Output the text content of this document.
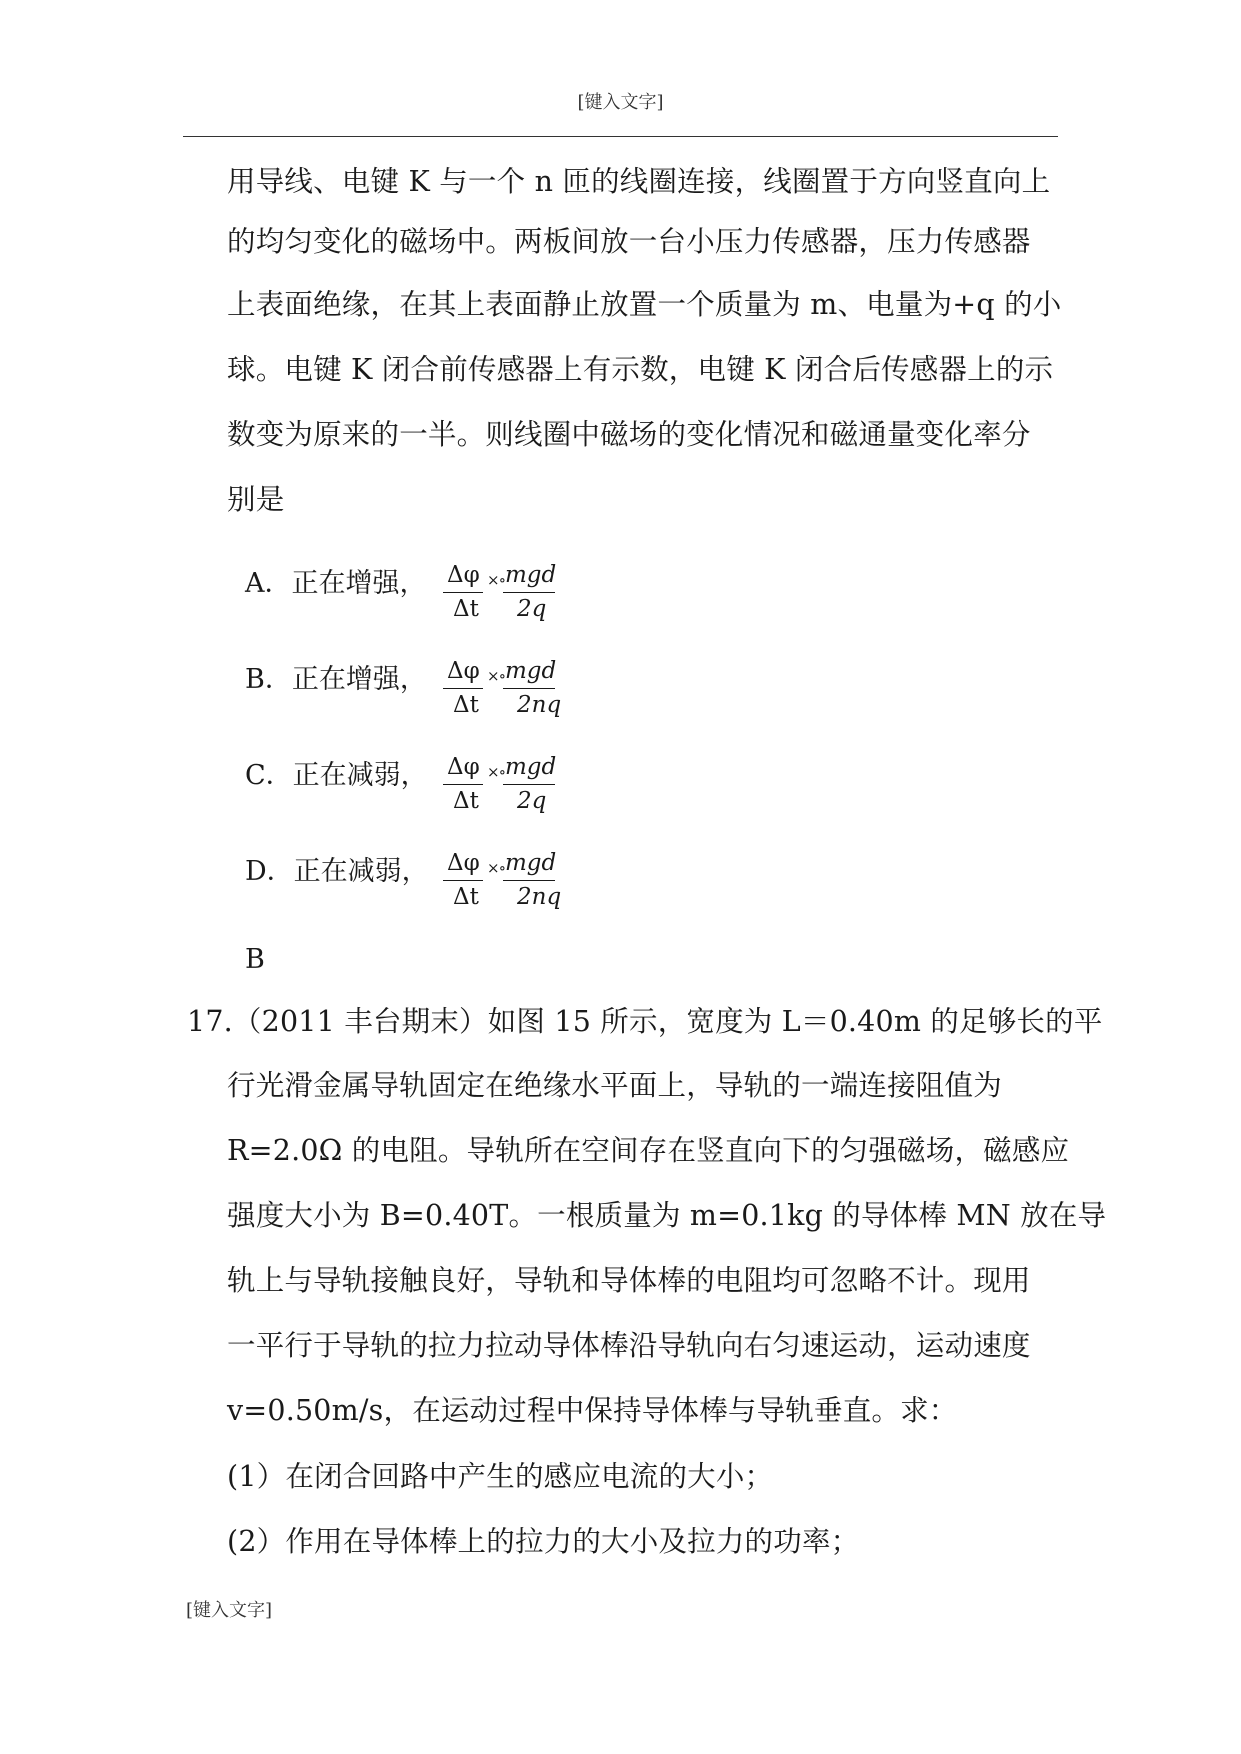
[键入文字]
用导线、电键 K 与一个 n 匝的线圈连接，线圈置于方向竖直向上
的均匀变化的磁场中。两板间放一台小压力传感器，压力传感器
上表面绝缘，在其上表面静止放置一个质量为 m、电量为+q 的小
球。电键 K 闭合前传感器上有示数，电键 K 闭合后传感器上的示
数变为原来的一半。则线圈中磁场的变化情况和磁通量变化率分
别是
A．正在增强， Δφ
Δt
×∘ mgd
2q
B．正在增强， Δφ
Δt
×∘ mgd
2nq
C．正在减弱， Δφ
Δt
×∘ mgd
2q
D．正在减弱， Δφ
Δt
×∘ mgd
2nq
B
17.（2011 丰台期末）如图 15 所示，宽度为 L＝0.40m 的足够长的平
行光滑金属导轨固定在绝缘水平面上，导轨的一端连接阻值为
R=2.0Ω 的电阻。导轨所在空间存在竖直向下的匀强磁场，磁感应
强度大小为 B=0.40T。一根质量为 m=0.1kg 的导体棒 MN 放在导
轨上与导轨接触良好，导轨和导体棒的电阻均可忽略不计。现用
一平行于导轨的拉力拉动导体棒沿导轨向右匀速运动，运动速度
v=0.50m/s，在运动过程中保持导体棒与导轨垂直。求：
(1）在闭合回路中产生的感应电流的大小；
(2）作用在导体棒上的拉力的大小及拉力的功率；
[键入文字]
